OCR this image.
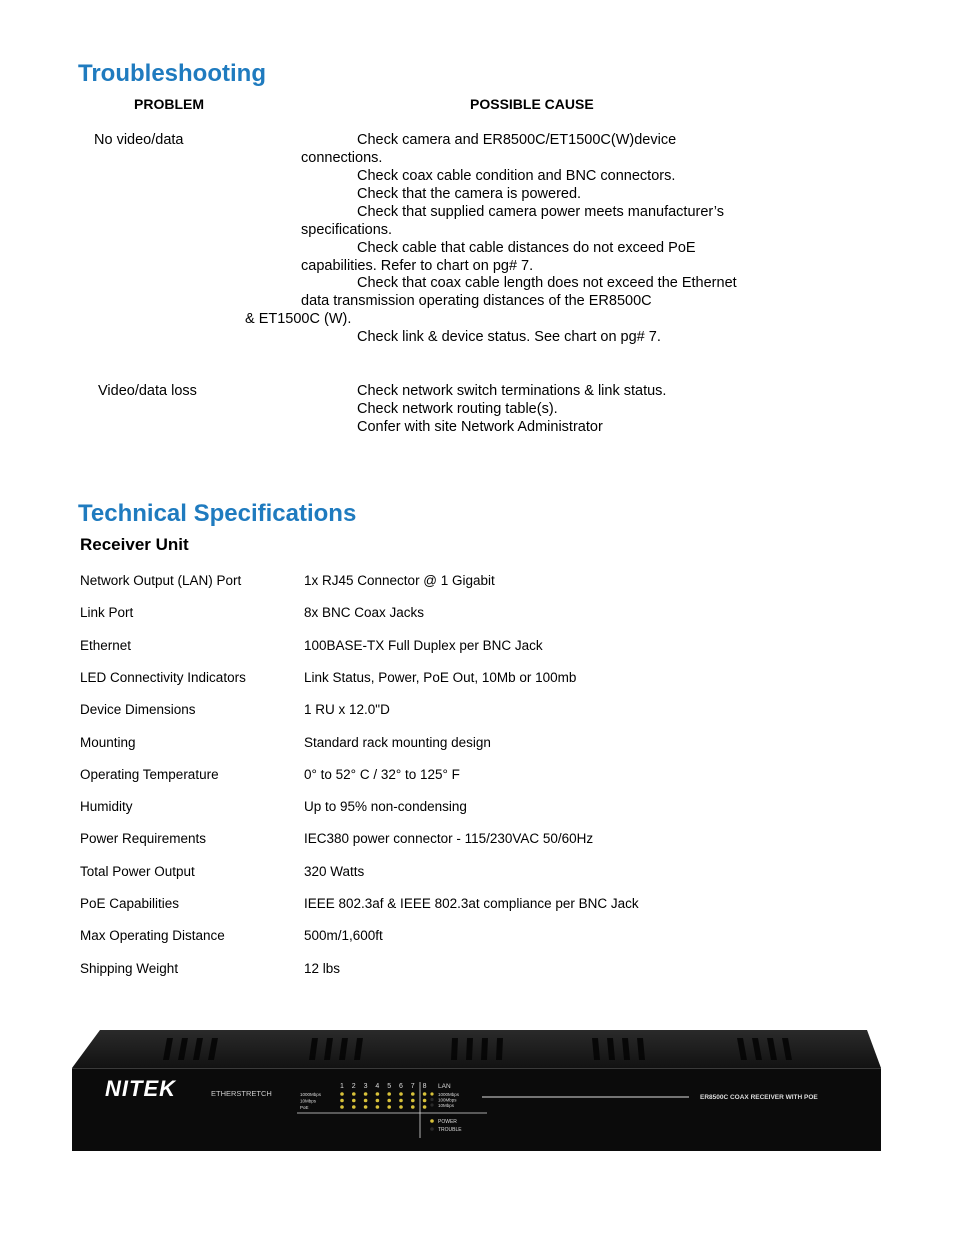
Troubleshooting
PROBLEM	POSSIBLE CAUSE
No video/data	Check camera and ER8500C/ET1500C(W)device
connections.
Check coax cable condition and BNC connectors.
Check that the camera is powered.
Check that supplied camera power meets manufacturer’s
specifications.
Check cable that cable distances do not exceed PoE
capabilities. Refer to chart on pg# 7.
Check that coax cable length does not exceed the Ethernet
data transmission operating distances of the ER8500C
& ET1500C (W).
Check link & device status. See chart on pg# 7.
Video/data loss	Check network switch terminations & link status.
Check network routing table(s).
Confer with site Network Administrator
Technical Specifications
Receiver Unit
Network Output (LAN) Port	1x RJ45 Connector @ 1 Gigabit
Link Port	8x BNC Coax Jacks
Ethernet	100BASE-TX Full Duplex per BNC Jack
LED Connectivity Indicators	Link Status, Power, PoE Out, 10Mb or 100mb
Device Dimensions	1 RU x 12.0"D
Mounting	Standard rack mounting design
Operating Temperature	0° to 52° C / 32° to 125° F
Humidity	Up to 95% non-condensing
Power Requirements	IEC380 power connector - 115/230VAC 50/60Hz
Total Power Output	320 Watts
PoE Capabilities	IEEE 802.3af & IEEE 802.3at compliance per BNC Jack
Max Operating Distance	500m/1,600ft
Shipping Weight	12 lbs
NITEK	ETHERSTRETCH
1 2 3 4 5 6 7 8
1000Mbps
10Mbps
PoE
LAN
1000Mbps
100Mbps
10Mbps
POWER
TROUBLE
ER8500C COAX RECEIVER WITH POE
